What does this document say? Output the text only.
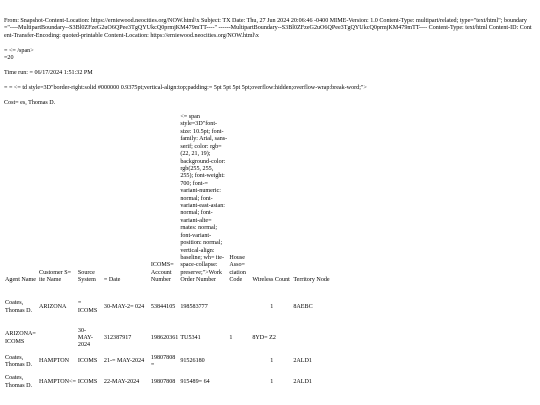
From: Snapshot-Content-Location: https://erniewood.neocities.org/NOW.html\x Subject: TX Date: Thu, 27 Jun 2024 20:06:46 -0400 MIME-Version: 1.0 Content-Type: multipart/related; type="text/html"; boundary="----MultipartBoundary--S3Bl0ZFzeG2uO6QPee3TgQYUkcQ0prmjKM479mTT----" ------MultipartBoundary--S3Bl0ZFzeG2uO6QPee3TgQYUkcQ0prmjKM479mTT---- Content-Type: text/html Content-ID: Content-Transfer-Encoding: quoted-printable Content-Location: https://erniewood.neocities.org/NOW.html\x

=20

= <= /span>
Time run: = 06/17/2024 1:51:32 PM
= = <= td style=3D"border-right:solid #000000 0.9375pt;vertical-align:top;padding:= 5pt 5pt 5pt 5pt;overflow:hidden;overflow-wrap:break-word;">
Cost= es, Thomas D.
Agent Name	Customer S= ite Name	Source System	= Date	ICOMS= Account Number	<= span style=3D"font-size: 10.5pt; font-family: Arial, sans-serif; color: rgb= (22, 21, 19); background-color: rgb(255, 255, 255); font-weight: 700; font-= variant-numeric: normal; font-variant-east-asian: normal; font-variant-alte= rnates: normal; font-variant-position: normal; vertical-align: baseline; wh= ite-space-collapse: preserve;">Work Order Number	House Asso= ciation Code	Wireless Count	Territory Node
Coates, Thomas D.	ARIZONA	= ICOMS	30-MAY-2= 024	53844105	198583777		1	8AEBC
ARIZONA= ICOMS		30- MAY- 2024	312387917	198620361	TU5341	1	8YD= Z2	
Coates, Thomas D.	HAMPTON	ICOMS	21-= MAY-2024	19807808 =	91526180		1	2ALD1
Coates, Thomas D.	HAMPTON<=	ICOMS	22-MAY-2024	19807808	915489= 64		1	2ALD1
